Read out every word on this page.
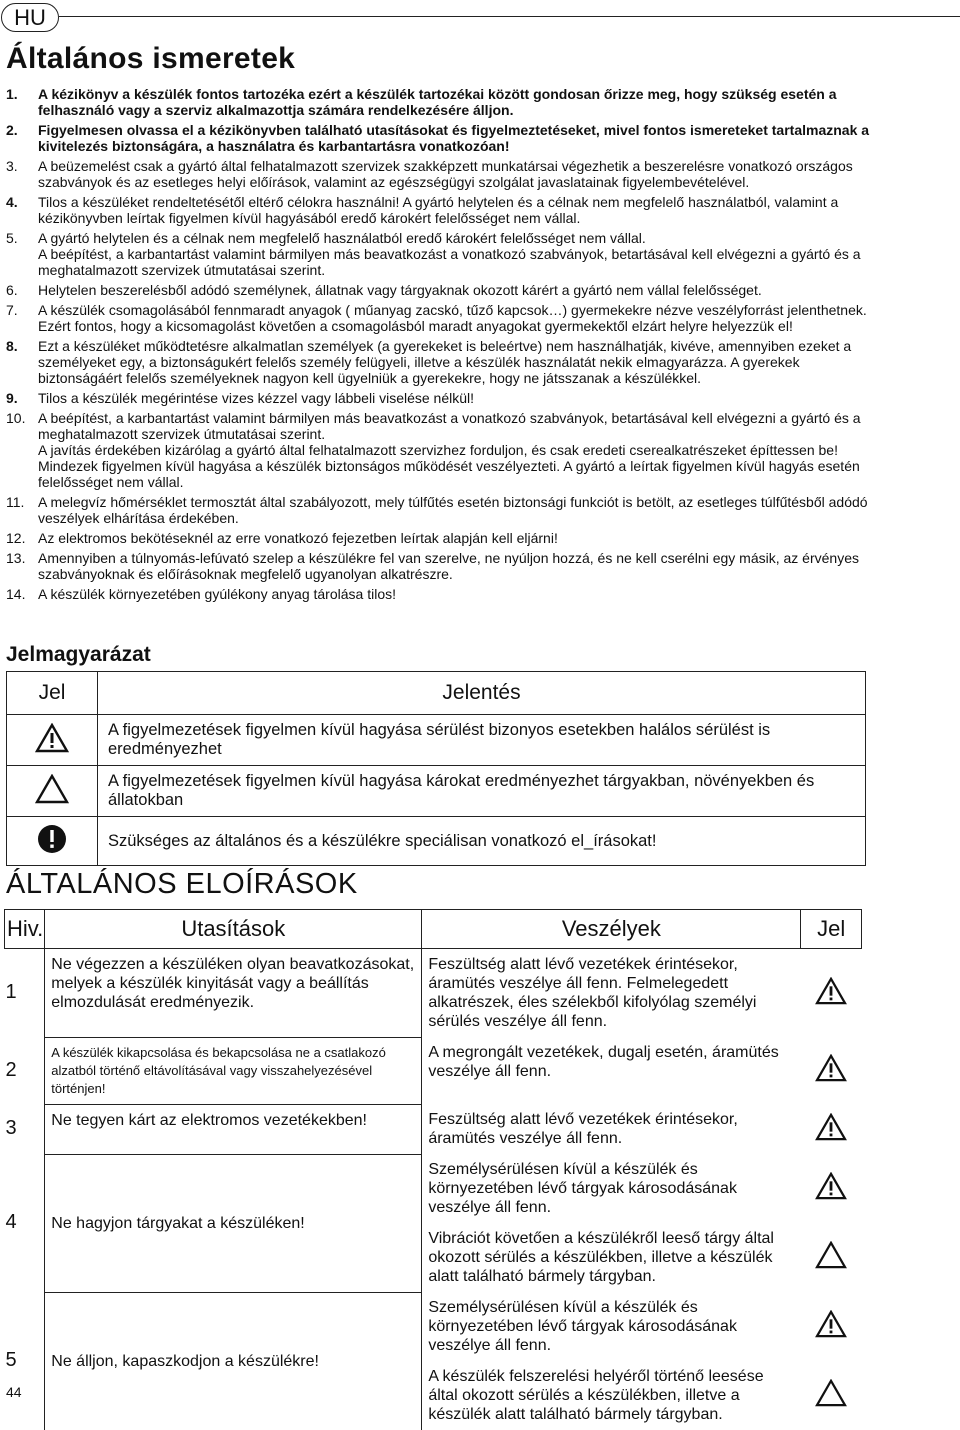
HU
Általános ismeretek
1.	A kézikönyv a készülék fontos tartozéka ezért a készülék tartozékai között gondosan őrizze meg, hogy szükség esetén a felhasználó vagy a szerviz alkalmazottja számára rendelkezésére álljon.
2.	Figyelmesen olvassa el a kézikönyvben található utasításokat és figyelmeztetéseket, mivel fontos ismereteket tartalmaznak a kivitelezés biztonságára, a használatra és karbantartásra vonatkozóan!
3.	A beüzemelést csak a gyártó által felhatalmazott szervizek szakképzett munkatársai végezhetik a beszerelésre vonatkozó országos szabványok és az esetleges helyi előírások, valamint az egészségügyi szolgálat javaslatainak figyelembevételével.
4.	Tilos a készüléket rendeltetésétől eltérő célokra használni! A gyártó helytelen és a célnak nem megfelelő használatból, valamint a kézikönyvben leírtak figyelmen kívül hagyásából eredő károkért felelősséget nem vállal.
5.	A gyártó helytelen és a célnak nem megfelelő használatból eredő károkért felelősséget nem vállal.
A beépítést, a karbantartást valamint bármilyen más beavatkozást a vonatkozó szabványok, betartásával kell elvégezni a gyártó és a meghatalmazott szervizek útmutatásai szerint.
6.	Helytelen beszerelésből adódó személynek, állatnak vagy tárgyaknak okozott kárért a gyártó nem vállal felelősséget.
7.	A készülék csomagolásából fennmaradt anyagok ( műanyag zacskó, tűző kapcsok…) gyermekekre nézve veszélyforrást jelenthetnek. Ezért fontos, hogy a kicsomagolást követően a csomagolásból maradt anyagokat gyermekektől elzárt helyre helyezzük el!
8.	Ezt a készüléket működtetésre alkalmatlan személyek (a gyerekeket is beleértve) nem használhatják, kivéve, amennyiben ezeket a személyeket egy, a biztonságukért felelős személy felügyeli, illetve a készülék használatát nekik elmagyarázza. A gyerekek biztonságáért felelős személyeknek nagyon kell ügyelniük a gyerekekre, hogy ne játsszanak a készülékkel.
9.	Tilos a készülék megérintése vizes kézzel vagy lábbeli viselése nélkül!
10. A beépítést, a karbantartást valamint bármilyen más beavatkozást a vonatkozó szabványok, betartásával kell elvégezni a gyártó és a meghatalmazott szervizek útmutatásai szerint.
A javítás érdekében kizárólag a gyártó által felhatalmazott szervizhez forduljon, és csak eredeti cserealkatrészeket építtessen be! Mindezek figyelmen kívül hagyása a készülék biztonságos működését veszélyezteti. A gyártó a leírtak figyelmen kívül hagyás esetén felelősséget nem vállal.
11. A melegvíz hőmérséklet termosztát által szabályozott, mely túlfűtés esetén biztonsági funkciót is betölt, az esetleges túlfűtésből adódó veszélyek elhárítása érdekében.
12. Az elektromos bekötéseknél az erre vonatkozó fejezetben leírtak alapján kell eljárni!
13. Amennyiben a túlnyomás-lefúvató szelep a készülékre fel van szerelve, ne nyúljon hozzá, és ne kell cserélni egy másik, az érvényes szabványoknak és előírásoknak megfelelő ugyanolyan alkatrészre.
14. A készülék környezetében gyúlékony anyag tárolása tilos!
Jelmagyarázat
Jel	Jelentés
	A figyelmezetések figyelmen kívül hagyása sérülést bizonyos esetekben halálos sérülést is eredményezhet
	A figyelmezetések figyelmen kívül hagyása károkat eredményezhet tárgyakban, növényekben és állatokban
	Szükséges az általános és a készülékre speciálisan vonatkozó el_írásokat!
ÁLTALÁNOS ELOÍRÁSOK
Hiv.	Utasítások	Veszélyek	Jel
1	Ne végezzen a készüléken olyan beavatkozásokat, melyek a készülék kinyitását vagy a beállítás elmozdulását eredményezik.	Feszültség alatt lévő vezetékek érintésekor, áramütés veszélye áll fenn. Felmelegedett alkatrészek, éles szélekből kifolyólag személyi sérülés veszélye áll fenn.

2	A készülék kikapcsolása és bekapcsolása ne a csatlakozó alzatból történő eltávolításával vagy visszahelyezésével történjen!	A megrongált vezetékek, dugalj esetén, áramütés veszélye áll fenn.

3	Ne tegyen kárt az elektromos vezetékekben!	Feszültség alatt lévő vezetékek érintésekor, áramütés veszélye áll fenn.

4	Ne hagyjon tárgyakat a készüléken!	Személysérülésen kívül a készülék és környezetében lévő tárgyak károsodásának veszélye áll fenn.

		Vibrációt követően a készülékről leeső tárgy által okozott sérülés a készülékben, illetve a készülék alatt található bármely tárgyban.

5	Ne álljon, kapaszkodjon a készülékre!	Személysérülésen kívül a készülék és környezetében lévő tárgyak károsodásának veszélye áll fenn.

		A készülék felszerelési helyéről történő leesése által okozott sérülés a készülékben, illetve a készülék alatt található bármely tárgyban.

44
